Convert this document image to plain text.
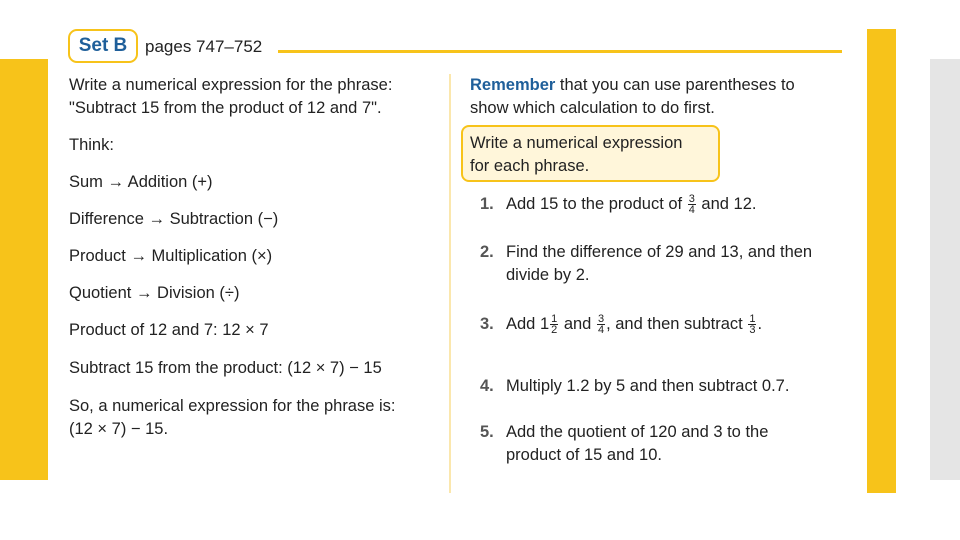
Set B	pages 747–752
Write a numerical expression for the phrase:
"Subtract 15 from the product of 12 and 7".
Think:
Sum → Addition (+)
Difference → Subtraction (−)
Product → Multiplication (×)
Quotient → Division (÷)
Product of 12 and 7: 12 × 7
Subtract 15 from the product: (12 × 7) − 15
So, a numerical expression for the phrase is:
(12 × 7) − 15.
Remember that you can use parentheses to
show which calculation to do first.
Write a numerical expression
for each phrase.
1. Add 15 to the product of $\frac{3}{4}$ and 12.
2. Find the difference of 29 and 13, and then
divide by 2.
3. Add $1 \frac{1}{2}$ and $\frac{3}{4}$ , and then subtract $\frac{1}{3}$ .
4. Multiply 1.2 by 5 and then subtract 0.7.
5. Add the quotient of 120 and 3 to the
product of 15 and 10.
